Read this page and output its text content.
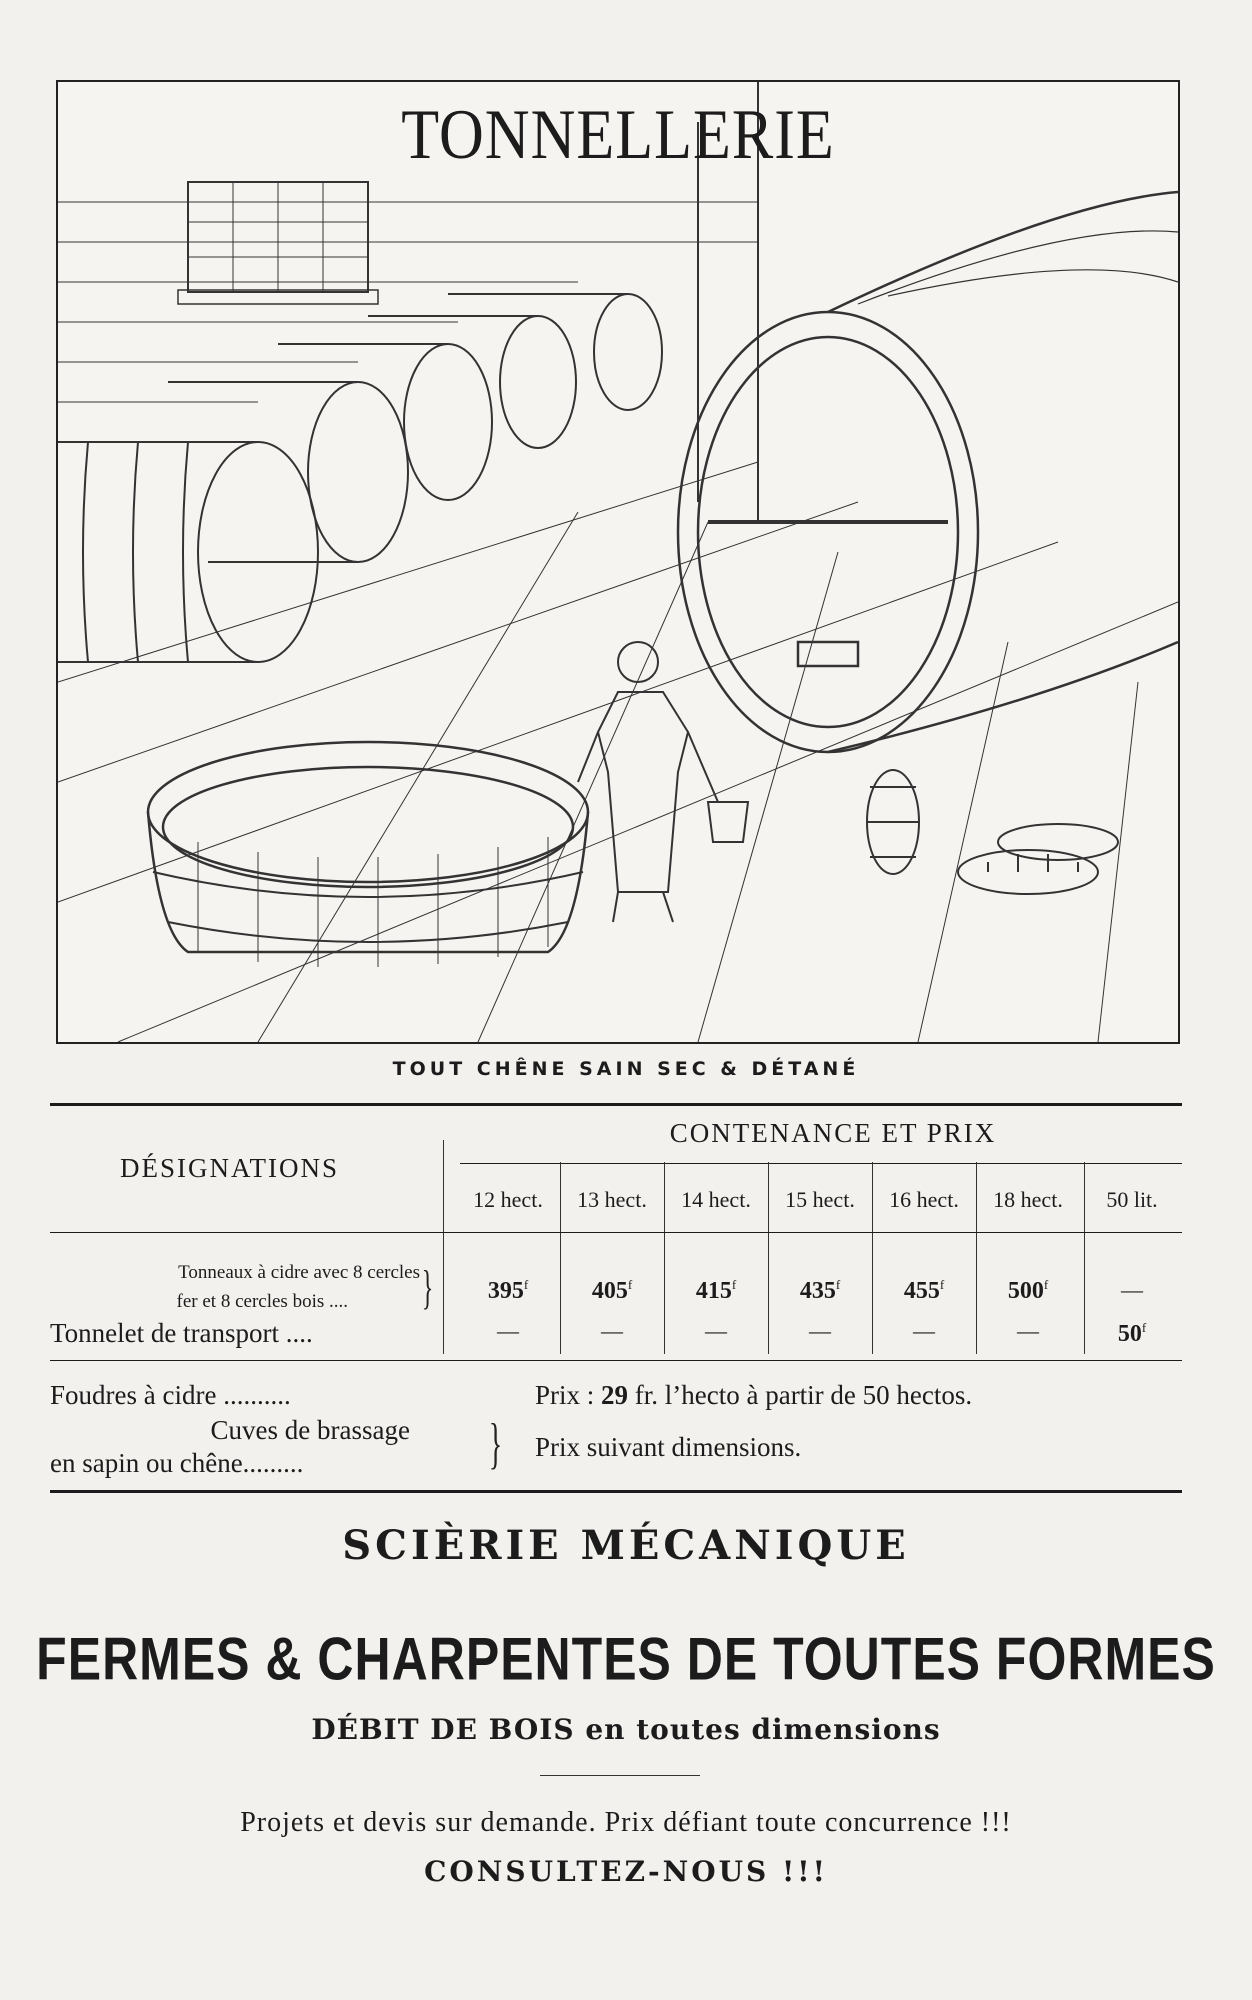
TONNELLERIE
TOUT CHÊNE SAIN SEC & DÉTANÉ
CONTENANCE ET PRIX
DÉSIGNATIONS
12 hect.	13 hect.	14 hect.	15 hect.	16 hect.	18 hect.	50 lit.
Tonneaux à cidre avec 8 cercles
fer et 8 cercles bois .... }	395$^f$	405$^f$	415$^f$	435$^f$	455$^f$	500$^f$	—
Tonnelet de transport ....	—	—	—	—	—	—	50$^f$
Foudres à cidre ..........	Prix : 29 fr. l’hecto à partir de 50 hectos.
Cuves de brassage
en sapin ou chêne.........	} Prix suivant dimensions.
SCIÈRIE MÉCANIQUE
FERMES & CHARPENTES DE TOUTES FORMES
DÉBIT DE BOIS en toutes dimensions
Projets et devis sur demande. Prix défiant toute concurrence !!!
CONSULTEZ-NOUS !!!
